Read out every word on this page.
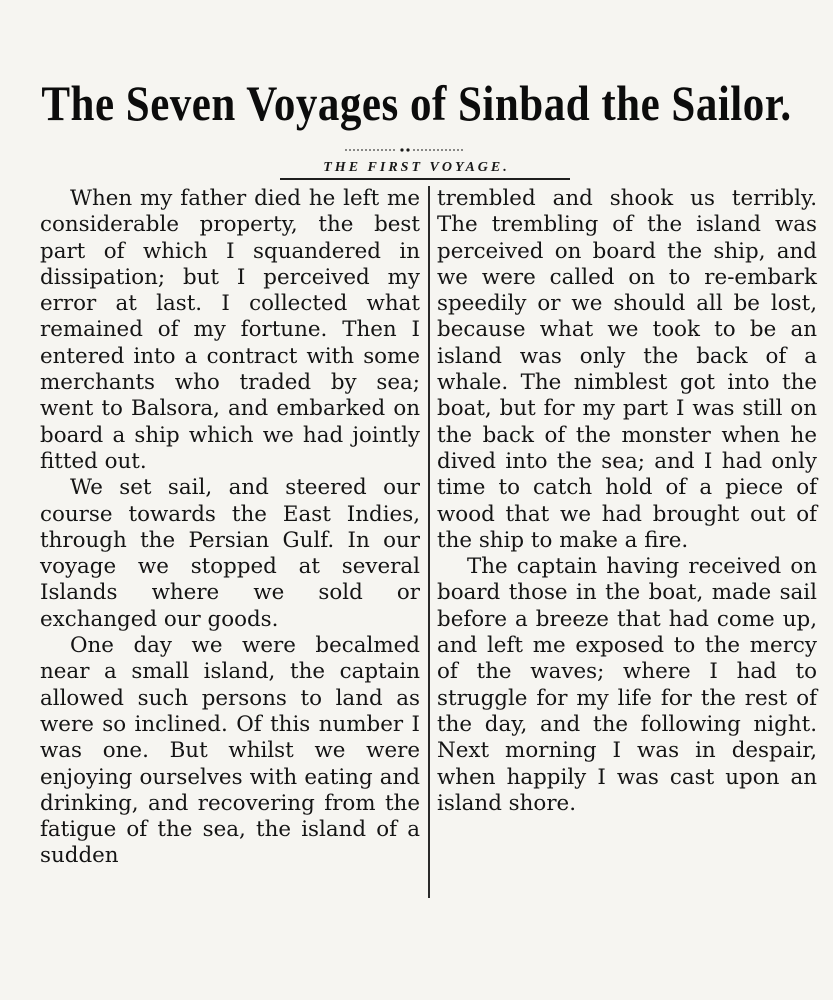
The Seven Voyages of Sinbad the Sailor.
THE FIRST VOYAGE.

When my father died he left me considerable property, the best part of which I squandered in dissipation; but I perceived my error at last. I collected what remained of my fortune. Then I entered into a contract with some merchants who traded by sea; went to Balsora, and embarked on board a ship which we had jointly fitted out.

We set sail, and steered our course towards the East Indies, through the Persian Gulf. In our voyage we stopped at several Islands where we sold or exchanged our goods.

One day we were becalmed near a small island, the captain allowed such persons to land as were so inclined. Of this number I was one. But whilst we were enjoying ourselves with eating and drinking, and recovering from the fatigue of the sea, the island of a sudden

trembled and shook us terribly. The trembling of the island was perceived on board the ship, and we were called on to re-embark speedily or we should all be lost, because what we took to be an island was only the back of a whale. The nimblest got into the boat, but for my part I was still on the back of the monster when he dived into the sea; and I had only time to catch hold of a piece of wood that we had brought out of the ship to make a fire.

The captain having received on board those in the boat, made sail before a breeze that had come up, and left me exposed to the mercy of the waves; where I had to struggle for my life for the rest of the day, and the following night. Next morning I was in despair, when happily I was cast upon an island shore.
